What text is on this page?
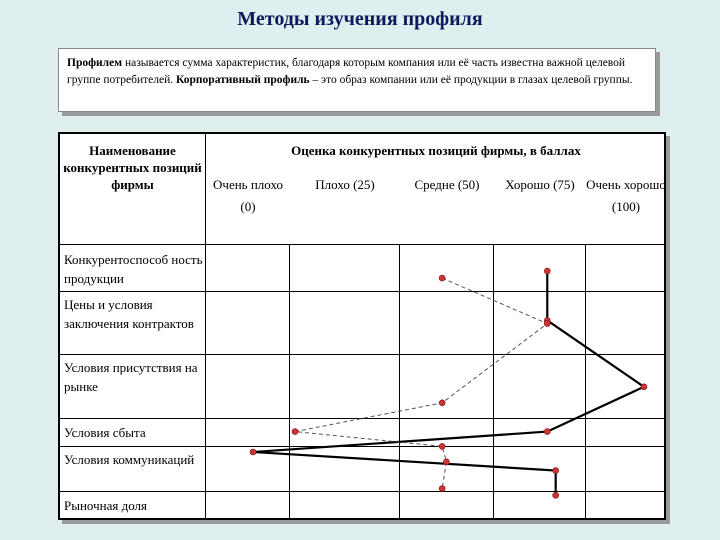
Методы изучения профиля
Профилем называется сумма характеристик, благодаря которым компания или её часть известна важной целевой группе потребителей. Корпоративный профиль – это образ компании или её продукции в глазах целевой группы.
Наименование конкурентных позиций фирмы
Оценка конкурентных позиций фирмы, в баллах
Очень плохо (0)
Плохо (25)	Средне (50)	Хорошо (75) Очень хорошо (100)
Конкурентоспособ ность продукции
Цены и условия заключения контрактов
Условия присутствия на рынке
Условия сбыта
Условия коммуникаций
Рыночная доля
